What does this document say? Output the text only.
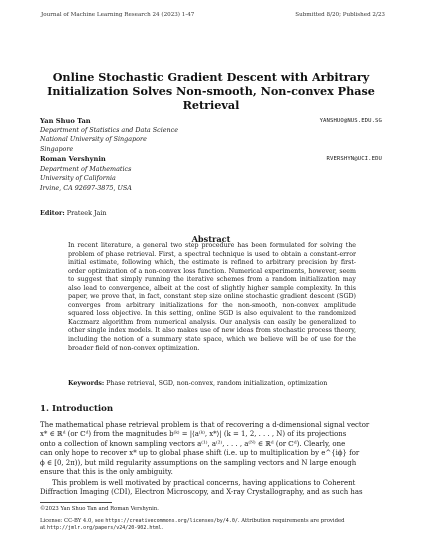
Journal of Machine Learning Research 24 (2023) 1-47	Submitted 8/20; Published 2/23

Online Stochastic Gradient Descent with Arbitrary Initialization Solves Non-smooth, Non-convex Phase Retrieval

Yan Shuo Tan	YANSHUO@NUS.EDU.SG

Department of Statistics and Data Science
National University of Singapore
Singapore

Roman Vershynin	RVERSHYN@UCI.EDU

Department of Mathematics
University of California
Irvine, CA 92697-3875, USA

Editor: Prateek Jain

Abstract

In recent literature, a general two step procedure has been formulated for solving the problem of phase retrieval. First, a spectral technique is used to obtain a constant-error initial estimate, following which, the estimate is refined to arbitrary precision by first-order optimization of a non-convex loss function. Numerical experiments, however, seem to suggest that simply running the iterative schemes from a random initialization may also lead to convergence, albeit at the cost of slightly higher sample complexity. In this paper, we prove that, in fact, constant step size online stochastic gradient descent (SGD) converges from arbitrary initializations for the non-smooth, non-convex amplitude squared loss objective. In this setting, online SGD is also equivalent to the randomized Kaczmarz algorithm from numerical analysis. Our analysis can easily be generalized to other single index models. It also makes use of new ideas from stochastic process theory, including the notion of a summary state space, which we believe will be of use for the broader field of non-convex optimization.

Keywords: Phase retrieval, SGD, non-convex, random initialization, optimization

1. Introduction
The mathematical phase retrieval problem is that of recovering a d-dimensional signal vector
x* ∈ ℝᵈ (or ℂᵈ) from the magnitudes b⁽ᵏ⁾ = |⟨a⁽ᵏ⁾, x*⟩| (k = 1, 2, . . . , N) of its projections
onto a collection of known sampling vectors a⁽¹⁾, a⁽²⁾, . . . , a⁽ᴺ⁾ ∈ ℝᵈ (or ℂᵈ). Clearly, one
can only hope to recover x* up to global phase shift (i.e. up to multiplication by e^{iϕ} for
ϕ ∈ [0, 2π)), but mild regularity assumptions on the sampling vectors and N large enough
ensure that this is the only ambiguity.
This problem is well motivated by practical concerns, having applications to Coherent
Diffraction Imaging (CDI), Electron Microscopy, and X-ray Crystallography, and as such has

©2023 Yan Shuo Tan and Roman Vershynin.

License: CC-BY 4.0, see https://creativecommons.org/licenses/by/4.0/. Attribution requirements are provided

at http://jmlr.org/papers/v24/20-902.html.
